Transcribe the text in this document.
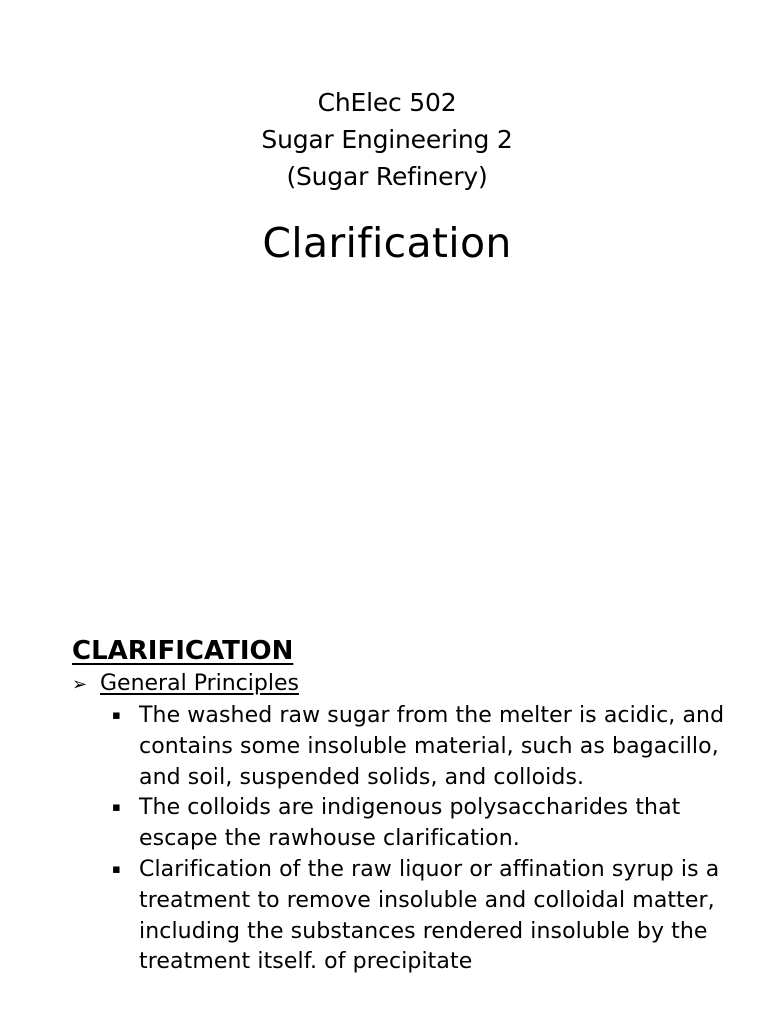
ChElec 502
Sugar Engineering 2
(Sugar Refinery)
Clarification
CLARIFICATION
➢ General Principles
▪ The washed raw sugar from the melter is acidic, and contains some insoluble material, such as bagacillo, and soil, suspended solids, and colloids.
▪ The colloids are indigenous polysaccharides that escape the rawhouse clarification.
▪ Clarification of the raw liquor or affination syrup is a treatment to remove insoluble and colloidal matter, including the substances rendered insoluble by the treatment itself. of precipitate
